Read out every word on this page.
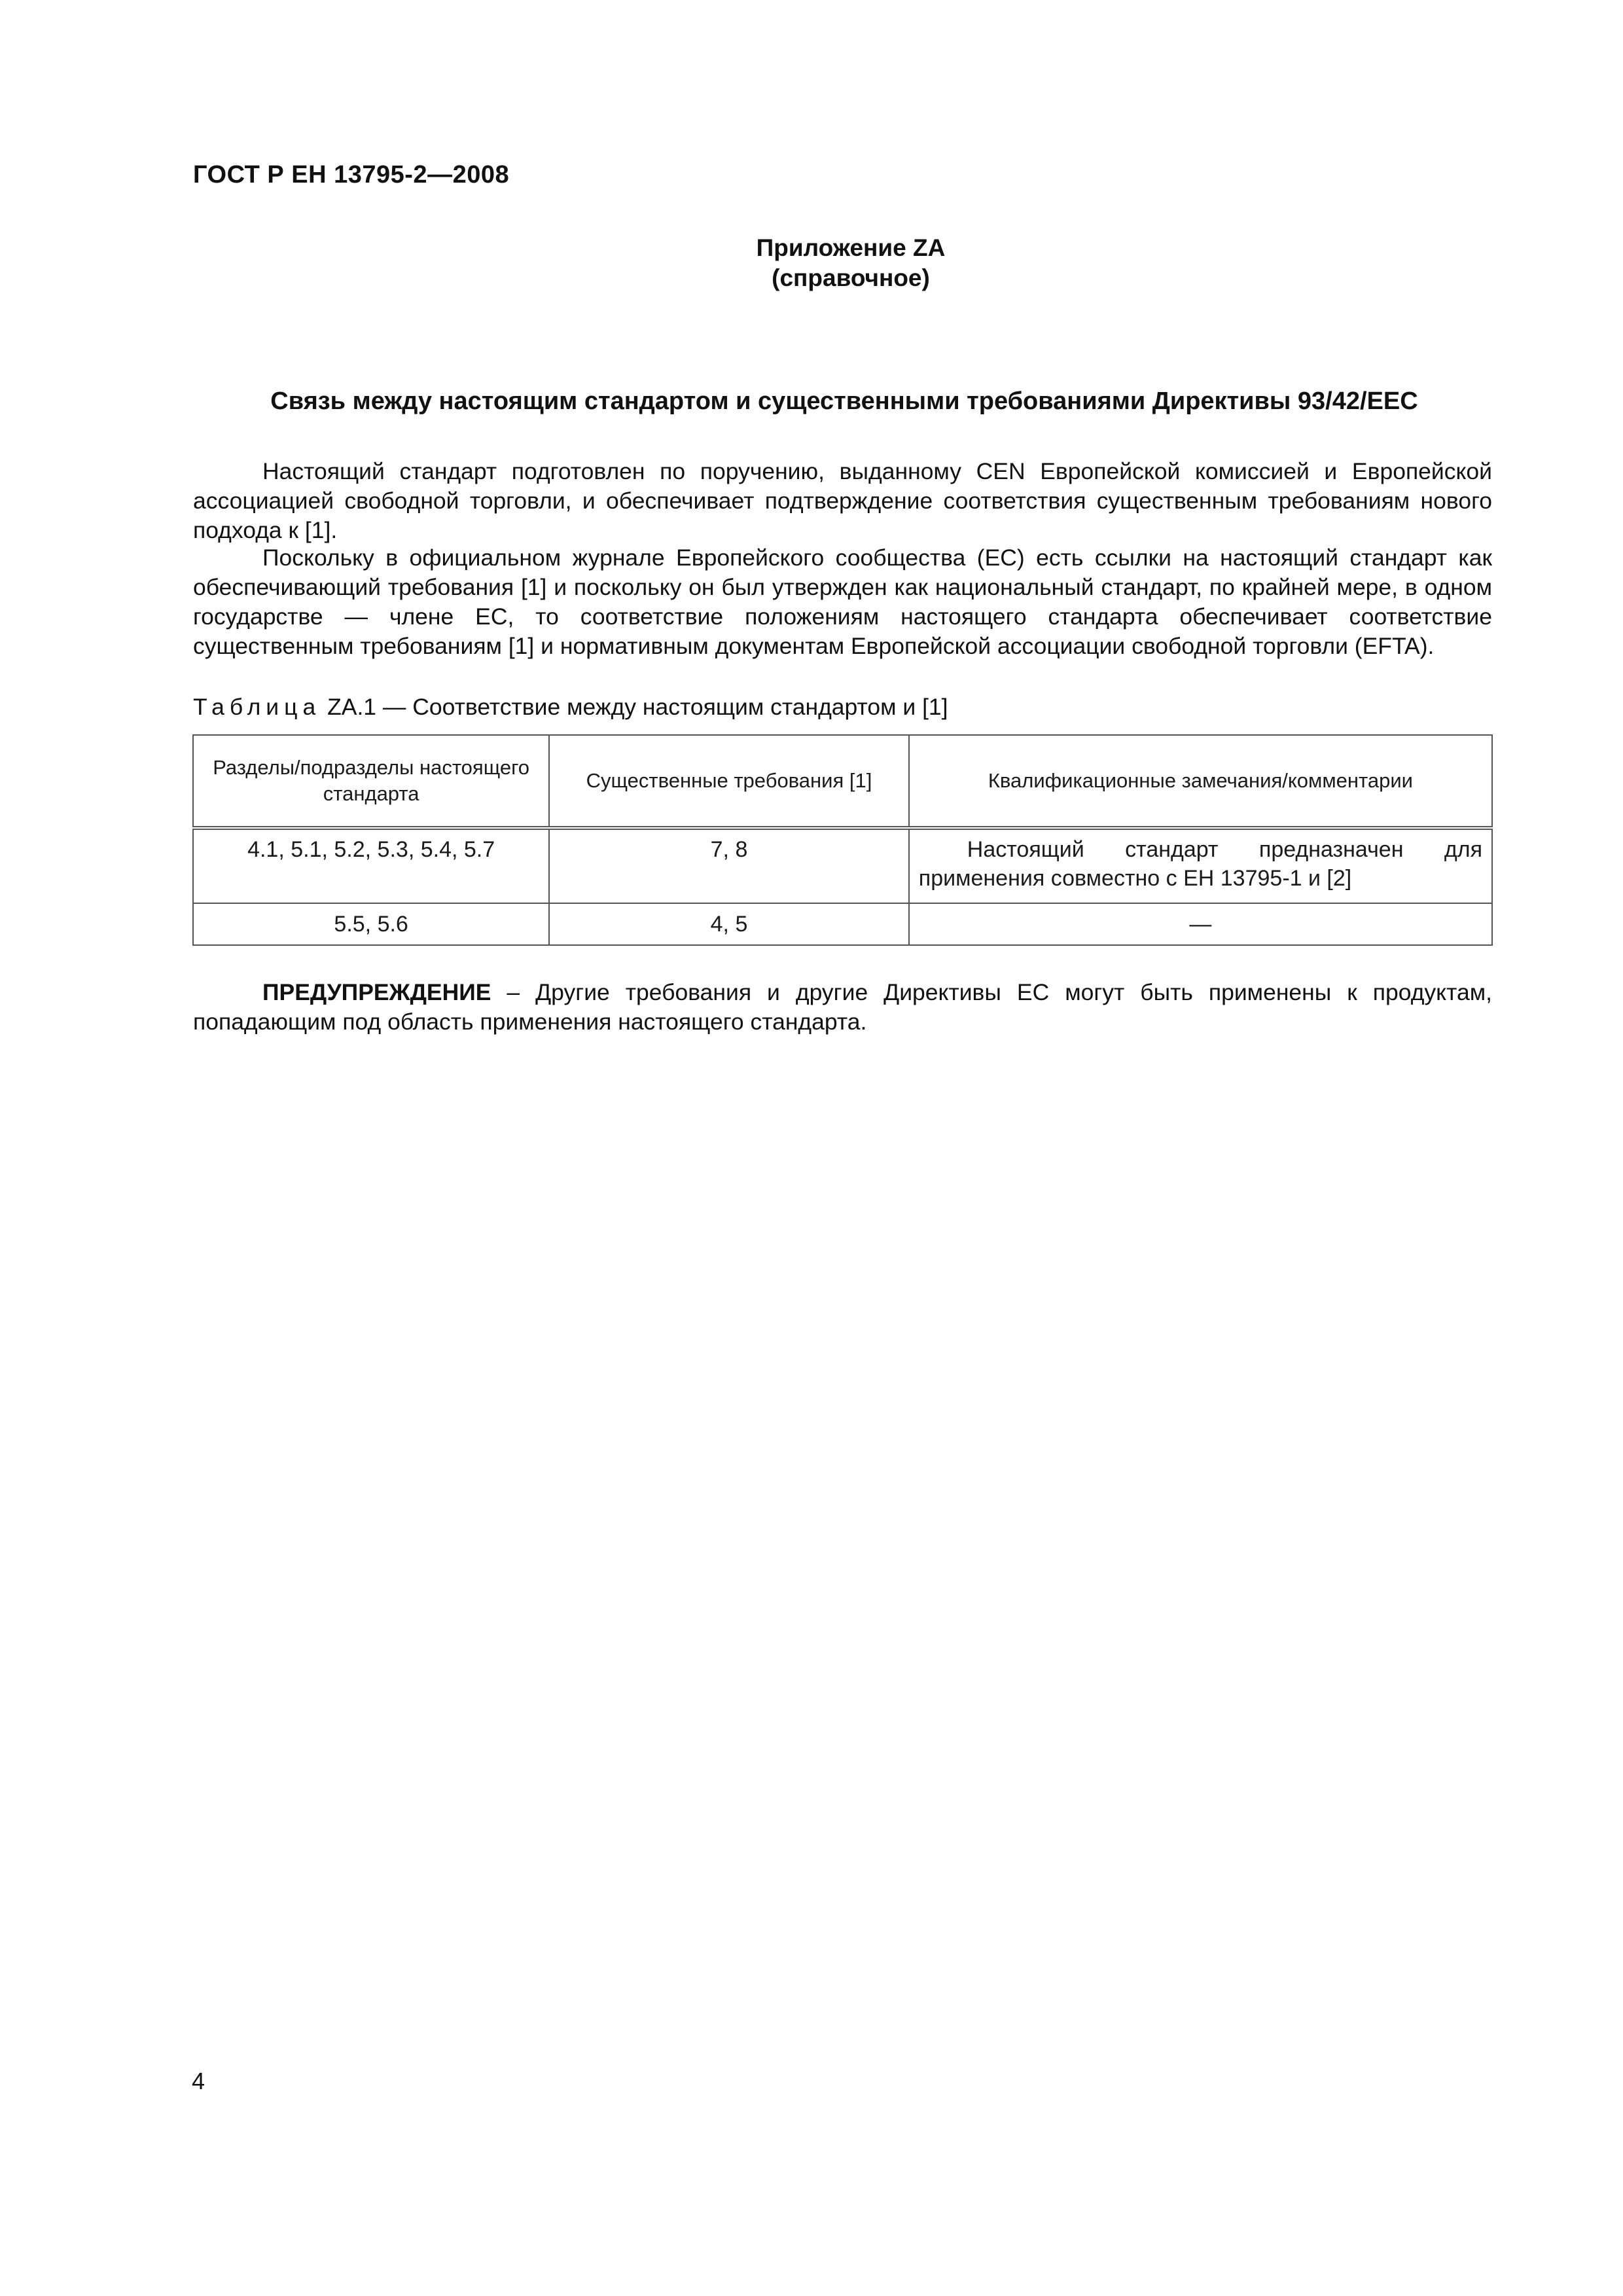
ГОСТ Р ЕН 13795-2—2008
Приложение ZA
(справочное)
Связь между настоящим стандартом и существенными требованиями Директивы 93/42/EEC

Настоящий стандарт подготовлен по поручению, выданному CEN Европейской комиссией и Европейской ассоциацией свободной торговли, и обеспечивает подтверждение соответствия существенным требованиям нового подхода к [1].

Поскольку в официальном журнале Европейского сообщества (ЕС) есть ссылки на настоящий стандарт как обеспечивающий требования [1] и поскольку он был утвержден как национальный стандарт, по крайней мере, в одном государстве — члене ЕС, то соответствие положениям настоящего стандарта обеспечивает соответствие существенным требованиям [1] и нормативным документам Европейской ассоциации свободной торговли (EFTA).

Таблица ZA.1 — Соответствие между настоящим стандартом и [1]
Разделы/подразделы настоящего стандарта	Существенные требования [1]	Квалификационные замечания/комментарии
4.1, 5.1, 5.2, 5.3, 5.4, 5.7	7, 8	Настоящий стандарт предназначен для применения совместно с ЕН 13795-1 и [2]
5.5, 5.6	4, 5	—

ПРЕДУПРЕЖДЕНИЕ – Другие требования и другие Директивы ЕС могут быть применены к продуктам, попадающим под область применения настоящего стандарта.

4
